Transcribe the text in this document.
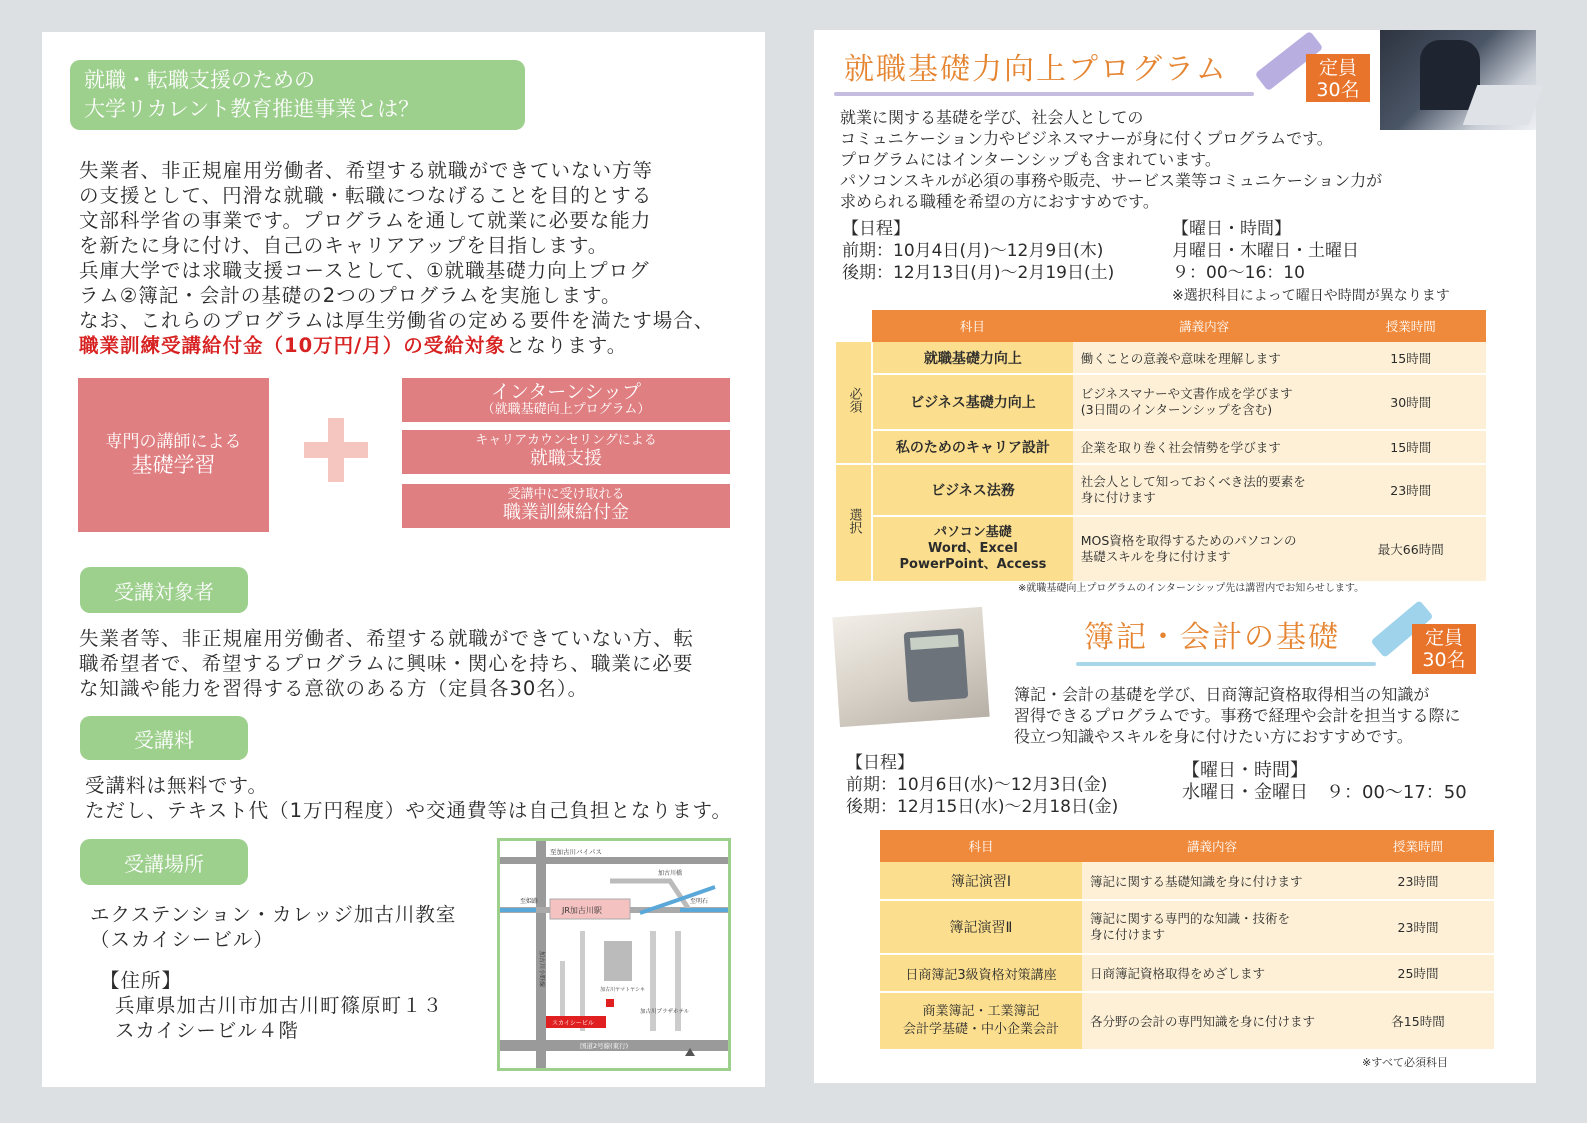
就職・転職支援のための
大学リカレント教育推進事業とは？
失業者、非正規雇用労働者、希望する就職ができていない方等
の支援として、円滑な就職・転職につなげることを目的とする
文部科学省の事業です。プログラムを通して就業に必要な能力
を新たに身に付け、自己のキャリアアップを目指します。
兵庫大学では求職支援コースとして、①就職基礎力向上プログ
ラム②簿記・会計の基礎の2つのプログラムを実施します。
なお、これらのプログラムは厚生労働省の定める要件を満たす場合、
職業訓練受講給付金（10万円/月）の受給対象となります。
専門の講師による
基礎学習
インターンシップ
（就職基礎向上プログラム）
キャリアカウンセリングによる
就職支援
受講中に受け取れる
職業訓練給付金
受講対象者
失業者等、非正規雇用労働者、希望する就職ができていない方、転
職希望者で、希望するプログラムに興味・関心を持ち、職業に必要
な知識や能力を習得する意欲のある方（定員各30名）。
受講料
受講料は無料です。
ただし、テキスト代（1万円程度）や交通費等は自己負担となります。
受講場所
エクステンション・カレッジ加古川教室
（スカイシービル）
【住所】
兵庫県加古川市加古川町篠原町１３
スカイシービル４階
至加古川バイパス
JR加古川駅
加古川橋
至姫路	至明石
加古川小野線
加古川ヤマトヤシキ
加古川プラザホテル
スカイシービル
国道2号線(東行)
就職基礎力向上プログラム	定員
30名
就業に関する基礎を学び、社会人としての
コミュニケーション力やビジネスマナーが身に付くプログラムです。
プログラムにはインターンシップも含まれています。
パソコンスキルが必須の事務や販売、サービス業等コミュニケーション力が
求められる職種を希望の方におすすめです。
【日程】
前期：10月4日(月)～12月9日(木)
後期：12月13日(月)～2月19日(土)
【曜日・時間】
月曜日・木曜日・土曜日
９：00～16：10
※選択科目によって曜日や時間が異なります
	科目	講義内容	授業時間
必須	就職基礎力向上	働くことの意義や意味を理解します	15時間
	ビジネス基礎力向上	ビジネスマナーや文書作成を学びます
(3日間のインターンシップを含む)	30時間
	私のためのキャリア設計	企業を取り巻く社会情勢を学びます	15時間
選択	ビジネス法務	社会人として知っておくべき法的要素を
身に付けます	23時間
	パソコン基礎
Word、Excel
PowerPoint、Access	MOS資格を取得するためのパソコンの
基礎スキルを身に付けます	最大66時間
※就職基礎向上プログラムのインターンシップ先は講習内でお知らせします。
簿記・会計の基礎	定員
30名
簿記・会計の基礎を学び、日商簿記資格取得相当の知識が
習得できるプログラムです。事務で経理や会計を担当する際に
役立つ知識やスキルを身に付けたい方におすすめです。
【日程】
前期：10月6日(水)～12月3日(金)
後期：12月15日(水)～2月18日(金)
【曜日・時間】
水曜日・金曜日　９：00～17：50
科目	講義内容	授業時間
簿記演習Ⅰ	簿記に関する基礎知識を身に付けます	23時間
簿記演習Ⅱ	簿記に関する専門的な知識・技術を
身に付けます	23時間
日商簿記3級資格対策講座	日商簿記資格取得をめざします	25時間
商業簿記・工業簿記
会計学基礎・中小企業会計	各分野の会計の専門知識を身に付けます	各15時間
※すべて必須科目
